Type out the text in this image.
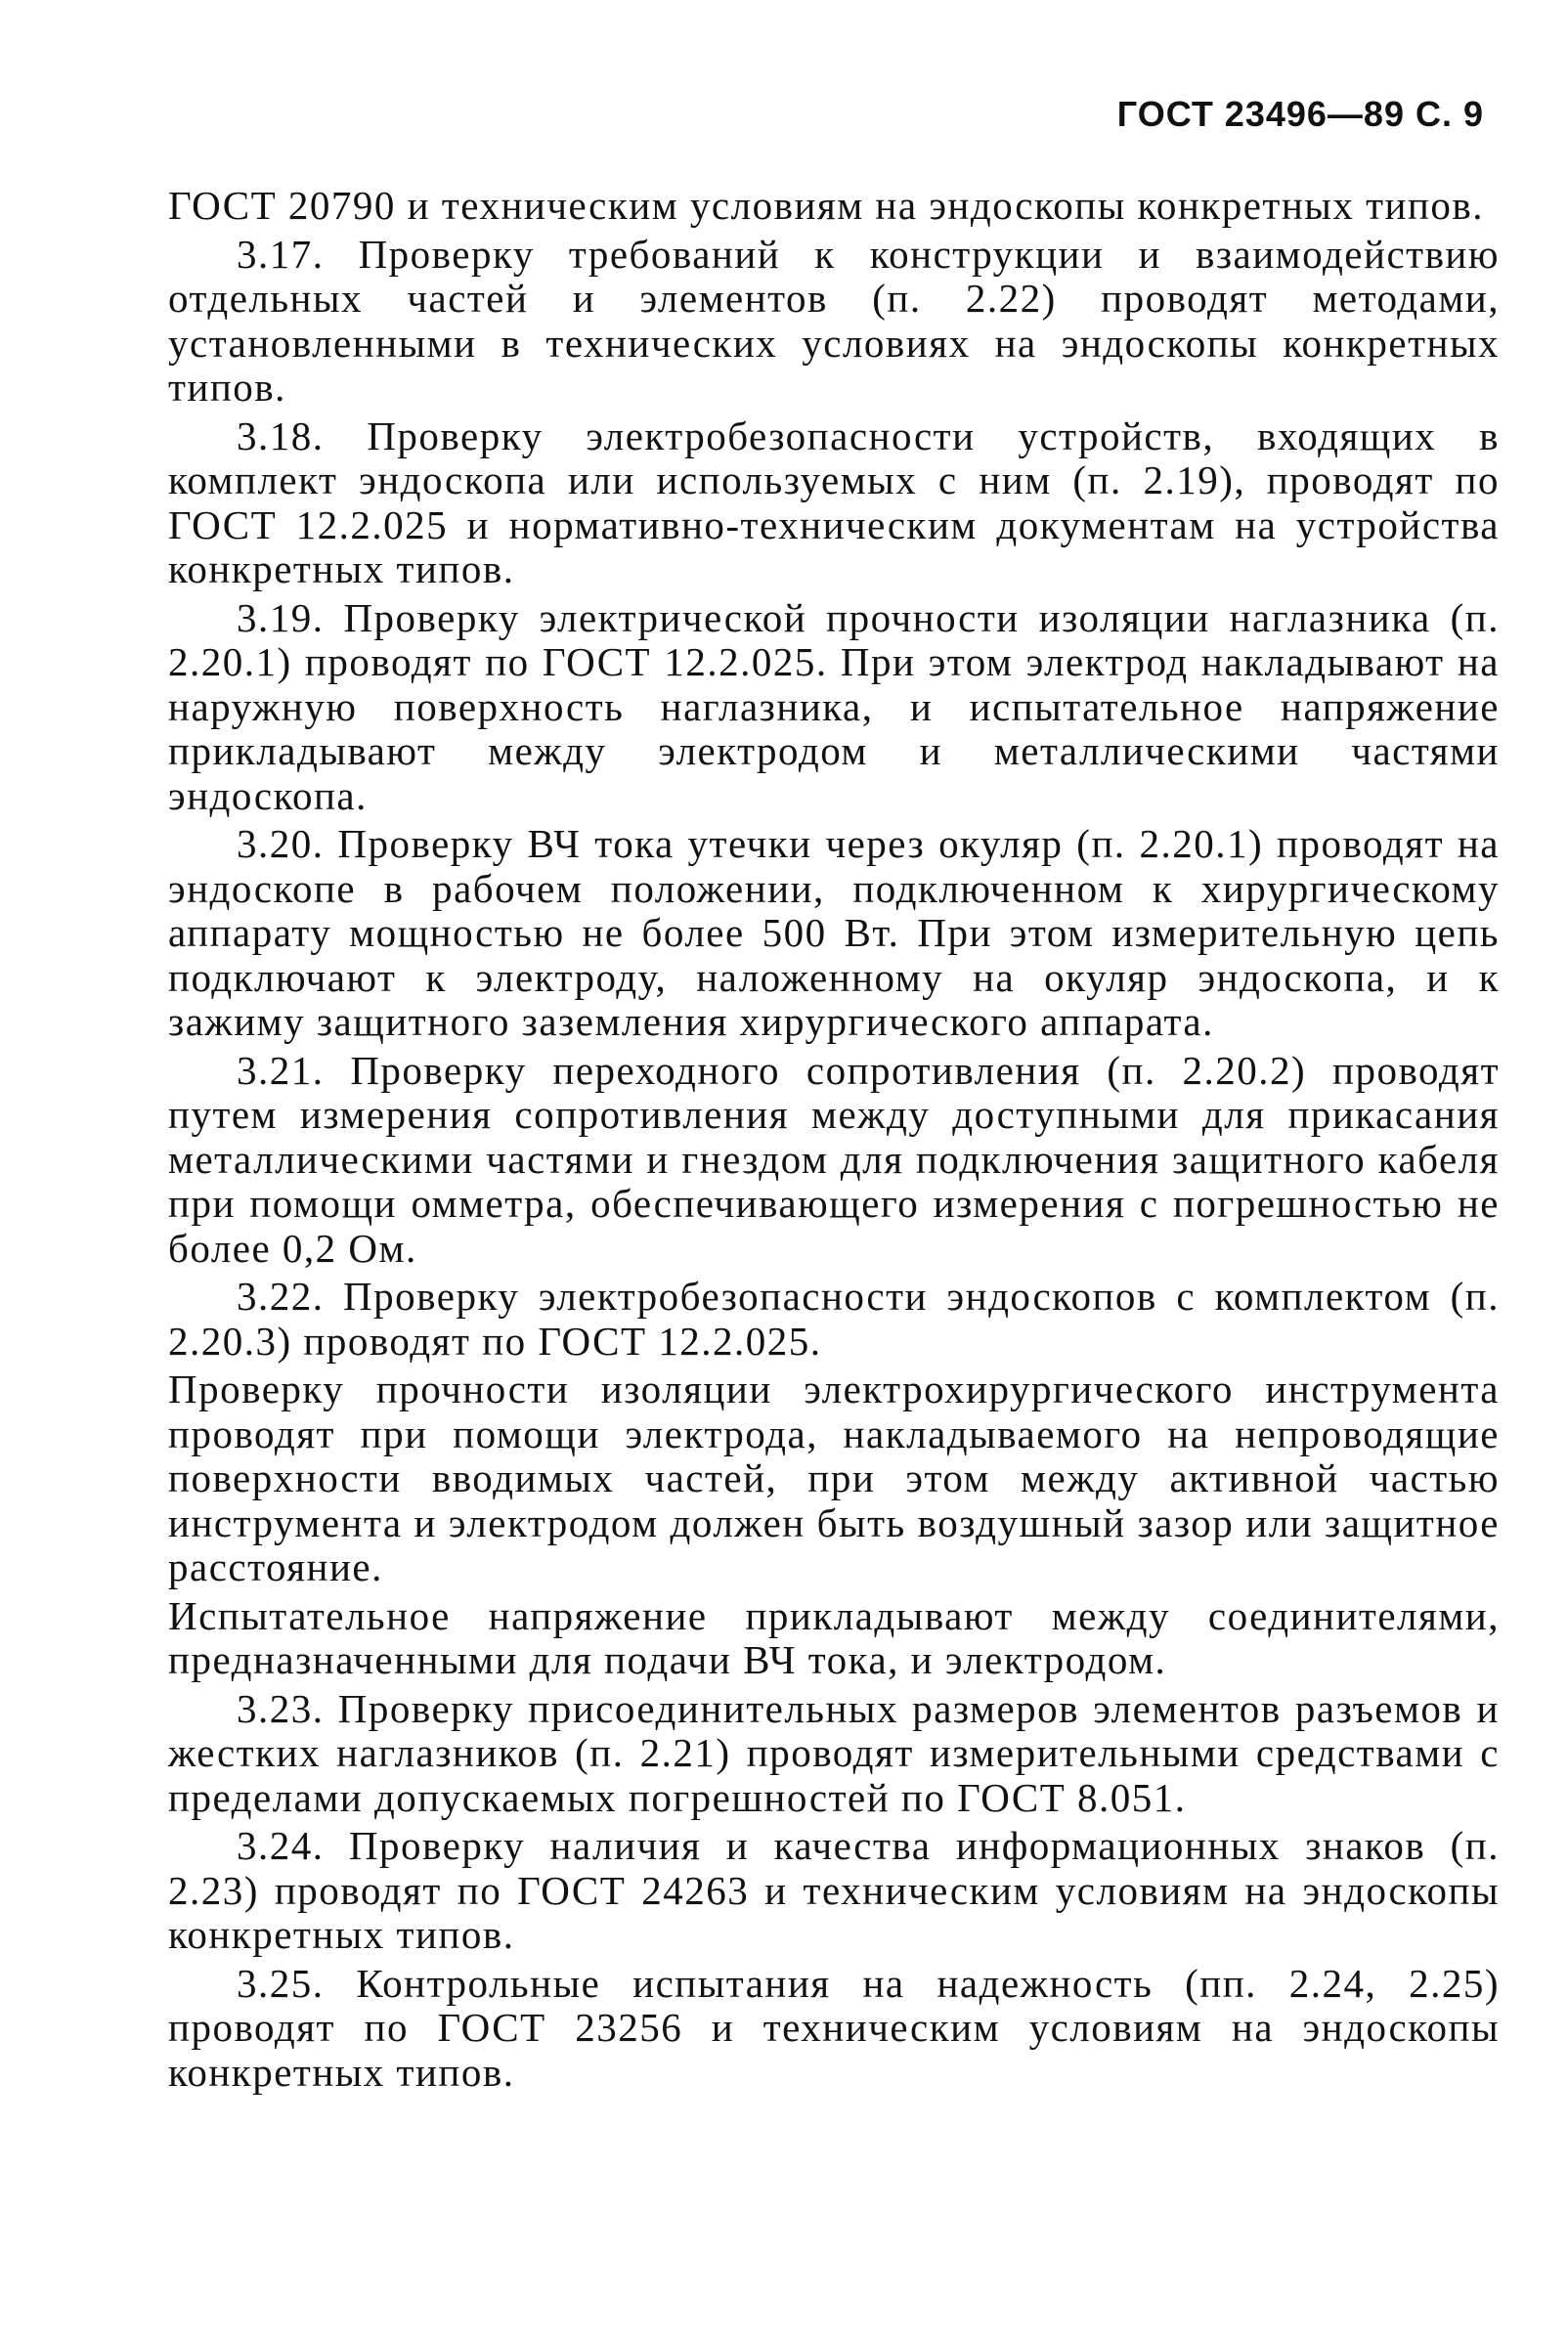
ГОСТ 23496—89 С. 9

ГОСТ 20790 и техническим условиям на эндоскопы конкретных типов.

3.17. Проверку требований к конструкции и взаимодействию отдельных частей и элементов (п. 2.22) проводят методами, установленными в технических условиях на эндоскопы конкретных типов.

3.18. Проверку электробезопасности устройств, входящих в комплект эндоскопа или используемых с ним (п. 2.19), проводят по ГОСТ 12.2.025 и нормативно-техническим документам на устройства конкретных типов.

3.19. Проверку электрической прочности изоляции наглазника (п. 2.20.1) проводят по ГОСТ 12.2.025. При этом электрод накладывают на наружную поверхность наглазника, и испытательное напряжение прикладывают между электродом и металлическими частями эндоскопа.

3.20. Проверку ВЧ тока утечки через окуляр (п. 2.20.1) проводят на эндоскопе в рабочем положении, подключенном к хирургическому аппарату мощностью не более 500 Вт. При этом измерительную цепь подключают к электроду, наложенному на окуляр эндоскопа, и к зажиму защитного заземления хирургического аппарата.

3.21. Проверку переходного сопротивления (п. 2.20.2) проводят путем измерения сопротивления между доступными для прикасания металлическими частями и гнездом для подключения защитного кабеля при помощи омметра, обеспечивающего измерения с погрешностью не более 0,2 Ом.

3.22. Проверку электробезопасности эндоскопов с комплектом (п. 2.20.3) проводят по ГОСТ 12.2.025.

Проверку прочности изоляции электрохирургического инструмента проводят при помощи электрода, накладываемого на непроводящие поверхности вводимых частей, при этом между активной частью инструмента и электродом должен быть воздушный зазор или защитное расстояние.

Испытательное напряжение прикладывают между соединителями, предназначенными для подачи ВЧ тока, и электродом.

3.23. Проверку присоединительных размеров элементов разъемов и жестких наглазников (п. 2.21) проводят измерительными средствами с пределами допускаемых погрешностей по ГОСТ 8.051.

3.24. Проверку наличия и качества информационных знаков (п. 2.23) проводят по ГОСТ 24263 и техническим условиям на эндоскопы конкретных типов.

3.25. Контрольные испытания на надежность (пп. 2.24, 2.25) проводят по ГОСТ 23256 и техническим условиям на эндоскопы конкретных типов.
